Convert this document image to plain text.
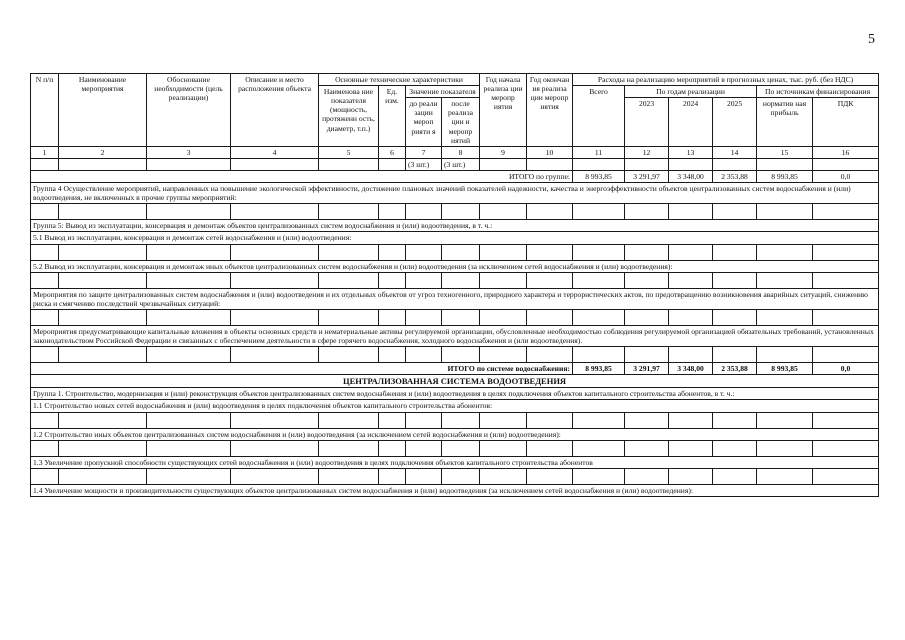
5
N п/п	Наименование мероприятия	Обоснование необходимости (цель реализации)	Описание и место расположения объекта	Основные технические характеристики				Год начала реализа ции меропр иятия	Год окончан ия реализа ции меропр иятия	Расходы на реализацию мероприятий в прогнозных ценах, тыс. руб. (без НДС)					
				Наименова ние показателя (мощность, протяженн ость, диаметр, т.п.)	Ед. изм.	Значение показателя				Всего	По годам реализации			По источникам финансирования	
						до реали зации мероп рияти я	после реализа ции и меропр иятий				2023	2024	2025	норматив ная прибыль	ПДК

1	2	3	4	5	6	7	8	9	10	11	12	13	14	15	16
						(3 шт.)	(3 шт.)								
ИТОГО по группе:										8 993,85	3 291,97	3 348,00	2 353,88	8 993,85	0,0
Группа 4 Осуществление мероприятий, направленных на повышение экологической эффективности, достижение плановых значений показателей надежности, качества и энергоэффективности объектов централизованных систем водоснабжения и (или) водоотведения, не включенных в прочие группы мероприятий:															

Группа 5: Вывод из эксплуатации, консервация и демонтаж объектов централизованных систем водоснабжения и (или) водоотведения, в т. ч.:															
5.1 Вывод из эксплуатации, консервация и демонтаж сетей водоснабжения и (или) водоотведения:															

5.2 Вывод из эксплуатации, консервация и демонтаж иных объектов централизованных систем водоснабжения и (или) водоотведения (за исключением сетей водоснабжения и (или) водоотведения):															

Мероприятия по защите централизованных систем водоснабжения и (или) водоотведения и их отдельных объектов от угроз техногенного, природного характера и террористических актов, по предотвращению возникновения аварийных ситуаций, снижению риска и смягчению последствий чрезвычайных ситуаций:															

Мероприятия предусматривающие капитальные вложения в объекты основных средств и нематериальные активы регулируемой организации, обусловленные необходимостью соблюдения регулируемой организацией обязательных требований, установленных законодательством Российской Федерации и связанных с обеспечением деятельности в сфере горячего водоснабжения, холодного водоснабжения и (или водоотведения).															

ИТОГО по системе водоснабжения:										8 993,85	3 291,97	3 348,00	2 353,88	8 993,85	0,0
ЦЕНТРАЛИЗОВАННАЯ СИСТЕМА ВОДООТВЕДЕНИЯ															
Группа 1. Строительство, модернизация и (или) реконструкция объектов централизованных систем водоснабжения и (или) водоотведения в целях подключения объектов капитального строительства абонентов, в т. ч.:															
1.1 Строительство новых сетей водоснабжения и (или) водоотведения в целях подключения объектов капитального строительства абонентов:															

1.2 Строительство иных объектов централизованных систем водоснабжения и (или) водоотведения (за исключением сетей водоснабжения и (или) водоотведения):															

1.3 Увеличение пропускной способности существующих сетей водоснабжения и (или) водоотведения в целях подключения объектов капитального строительства абонентов															

1.4 Увеличение мощности и производительности существующих объектов централизованных систем водоснабжения и (или) водоотведения (за исключением сетей водоснабжения и (или) водоотведения):															
